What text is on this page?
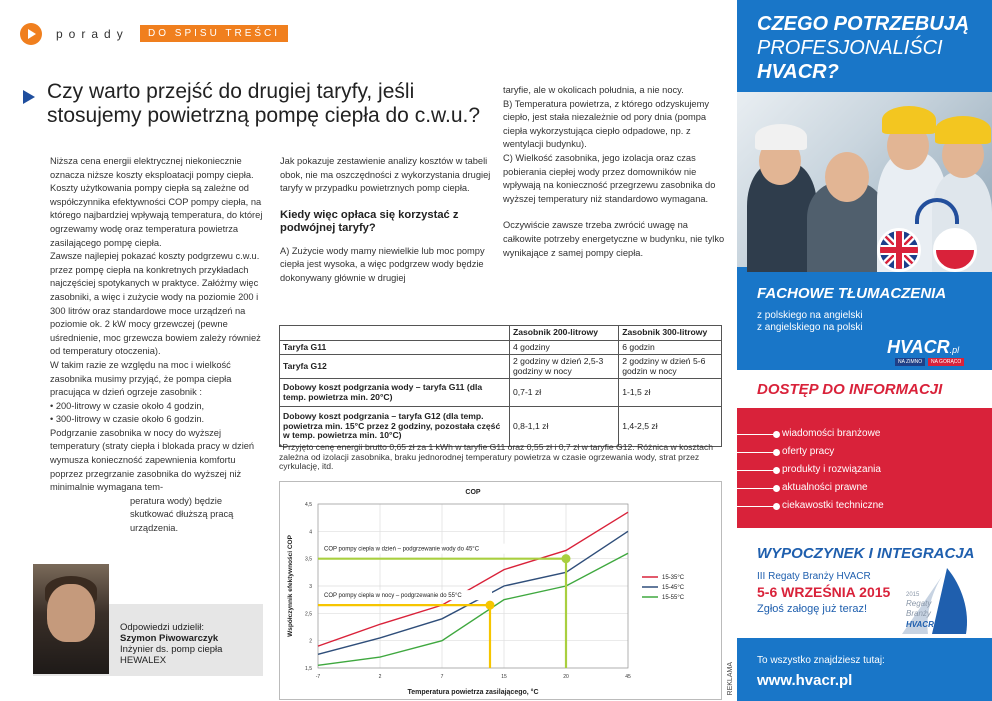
porady	DO SPISU TREŚCI
Czy warto przejść do drugiej taryfy, jeśli stosujemy powietrzną pompę ciepła do c.w.u.?

Niższa cena energii elektrycznej niekoniecznie oznacza niższe koszty eksploatacji pompy ciepła. Koszty użytkowania pompy ciepła są zależne od współczynnika efektywności COP pompy ciepła, na którego najbardziej wpływają temperatura, do której ogrzewamy wodę oraz temperatura powietrza zasilającego pompę ciepła.

Zawsze najlepiej pokazać koszty podgrzewu c.w.u. przez pompę ciepła na konkretnych przykładach najczęściej spotykanych w praktyce. Załóżmy więc zasobniki, a więc i zużycie wody na poziomie 200 i 300 litrów oraz standardowe moce urządzeń na poziomie ok. 2 kW mocy grzewczej (pewne uśrednienie, moc grzewcza bowiem zależy również od temperatury otoczenia).

W takim razie ze względu na moc i wielkość zasobnika musimy przyjąć, że pompa ciepła pracująca w dzień ogrzeje zasobnik :

• 200-litrowy w czasie około 4 godzin,

• 300-litrowy w czasie około 6 godzin.

Podgrzanie zasobnika w nocy do wyższej temperatury (straty ciepła i blokada pracy w dzień wymusza konieczność zapewnienia komfortu poprzez przegrzanie zasobnika do wyższej niż minimalnie wymagana tem-

peratura wody) będzie

skutkować dłuższą pracą

urządzenia.

Odpowiedzi udzielił:
Szymon Piwowarczyk
Inżynier ds. pomp ciepła
HEWALEX

Jak pokazuje zestawienie analizy kosztów w tabeli obok, nie ma oszczędności z wykorzystania drugiej taryfy w przypadku powietrznych pomp ciepła.

Kiedy więc opłaca się korzystać z podwójnej taryfy?

A) Zużycie wody mamy niewielkie lub moc pompy ciepła jest wysoka, a więc podgrzew wody będzie dokonywany głównie w drugiej

taryfie, ale w okolicach południa, a nie nocy.

B) Temperatura powietrza, z którego odzyskujemy ciepło, jest stała niezależnie od pory dnia (pompa ciepła wykorzystująca ciepło odpadowe, np. z wentylacji budynku).

C) Wielkość zasobnika, jego izolacja oraz czas pobierania ciepłej wody przez domowników nie wpływają na konieczność przegrzewu zasobnika do wyższej temperatury niż standardowo wymagana.

Oczywiście zawsze trzeba zwrócić uwagę na całkowite potrzeby energetyczne w budynku, nie tylko wynikające z samej pompy ciepła.

	Zasobnik 200-litrowy	Zasobnik 300-litrowy
Taryfa G11	4 godziny	6 godzin
Taryfa G12	2 godziny w dzień 2,5-3 godziny w nocy	2 godziny w dzień 5-6 godzin w nocy
Dobowy koszt podgrzania wody – taryfa G11 (dla temp. powietrza min. 20°C)	0,7-1 zł	1-1,5 zł
Dobowy koszt podgrzania – taryfa G12 (dla temp. powietrza min. 15°C przez 2 godziny, pozostała część w temp. powietrza min. 10°C)	0,8-1,1 zł	1,4-2,5 zł
*Przyjęto cenę energii brutto 0,65 zł za 1 kWh w taryfie G11 oraz 0,55 zł i 0,7 zł w taryfie G12. Różnica w kosztach zależna od izolacji zasobnika, braku jednorodnej temperatury powietrza w czasie ogrzewania wody, strat przez cyrkulację, itd.
1,5
2
2,5
3
3,5
4
4,5
-7	2	7	15	20	45
COP
Temperatura powietrza zasilającego, °C
Współczynnik efektywności COP	COP pompy ciepła w dzień – podgrzewanie wody do 45°C
COP pompy ciepła w nocy – podgrzewanie do 55°C
15-35°C
15-45°C
15-55°C
REKLAMA
CZEGO POTRZEBUJĄ
PROFESJONALIŚCI
HVACR?
FACHOWE TŁUMACZENIA
z polskiego na angielski
z angielskiego na polski
HVACR.pl
NA ZIMNO	NA GORĄCO
DOSTĘP DO INFORMACJI
wiadomości branżowe
oferty pracy
produkty i rozwiązania
aktualności prawne
ciekawostki techniczne
WYPOCZYNEK I INTEGRACJA
III Regaty Branży HVACR
5-6 WRZEŚNIA 2015
Zgłoś załogę już teraz!
2015
Regaty
Branży
HVACR
To wszystko znajdziesz tutaj:
www.hvacr.pl
